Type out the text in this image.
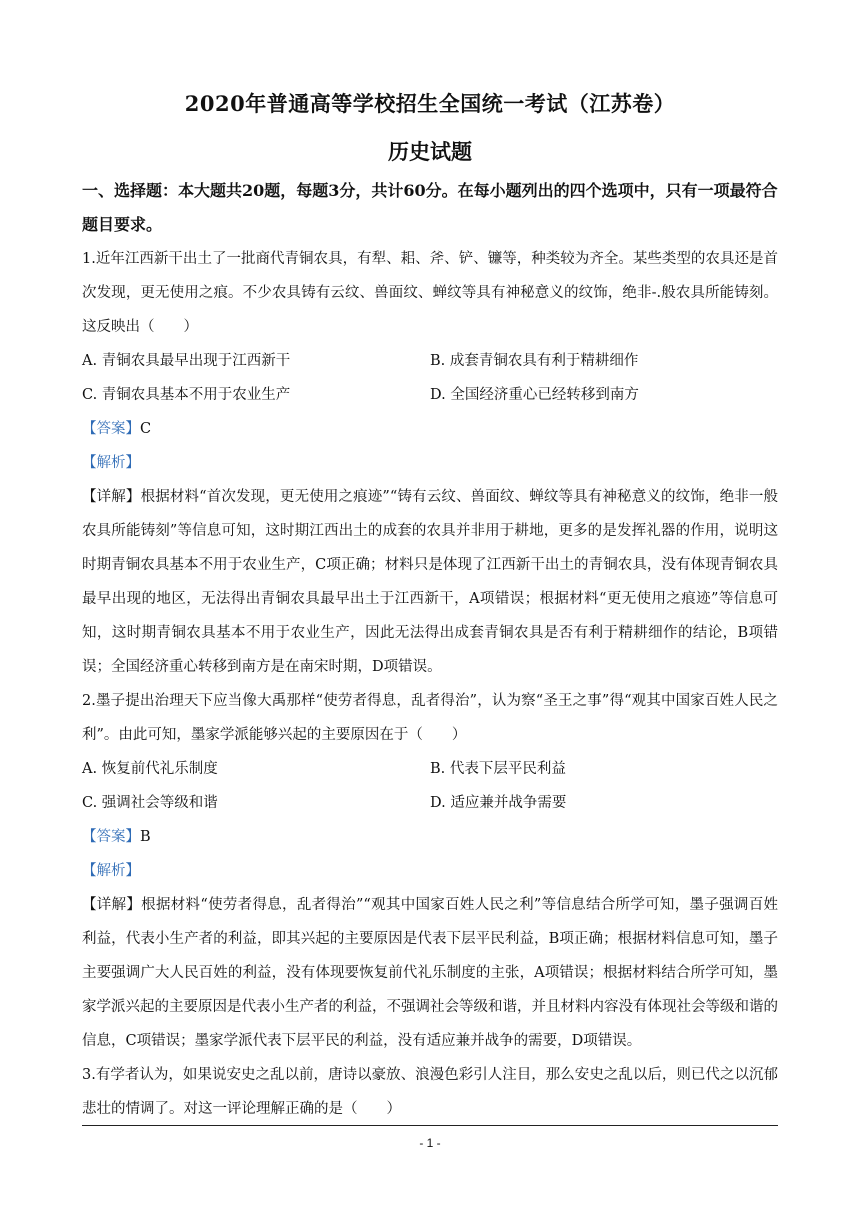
2020年普通高等学校招生全国统一考试（江苏卷）
历史试题
一、选择题：本大题共20题，每题3分，共计60分。在每小题列出的四个选项中，只有一项最符合题目要求。
1.近年江西新干出土了一批商代青铜农具，有犁、耜、斧、铲、镰等，种类较为齐全。某些类型的农具还是首次发现，更无使用之痕。不少农具铸有云纹、兽面纹、蝉纹等具有神秘意义的纹饰，绝非-.般农具所能铸刻。这反映出（　　）
A. 青铜农具最早出现于江西新干	B. 成套青铜农具有利于精耕细作
C. 青铜农具基本不用于农业生产	D. 全国经济重心已经转移到南方
【答案】C
【解析】
【详解】根据材料“首次发现，更无使用之痕迹”“铸有云纹、兽面纹、蝉纹等具有神秘意义的纹饰，绝非一般农具所能铸刻”等信息可知，这时期江西出土的成套的农具并非用于耕地，更多的是发挥礼器的作用，说明这时期青铜农具基本不用于农业生产，C项正确；材料只是体现了江西新干出土的青铜农具，没有体现青铜农具最早出现的地区，无法得出青铜农具最早出土于江西新干，A项错误；根据材料“更无使用之痕迹”等信息可知，这时期青铜农具基本不用于农业生产，因此无法得出成套青铜农具是否有利于精耕细作的结论，B项错误；全国经济重心转移到南方是在南宋时期，D项错误。
2.墨子提出治理天下应当像大禹那样“使劳者得息，乱者得治”，认为察“圣王之事”得“观其中国家百姓人民之利”。由此可知，墨家学派能够兴起的主要原因在于（　　）
A. 恢复前代礼乐制度	B. 代表下层平民利益
C. 强调社会等级和谐	D. 适应兼并战争需要
【答案】B
【解析】
【详解】根据材料“使劳者得息，乱者得治”“观其中国家百姓人民之利”等信息结合所学可知，墨子强调百姓利益，代表小生产者的利益，即其兴起的主要原因是代表下层平民利益，B项正确；根据材料信息可知，墨子主要强调广大人民百姓的利益，没有体现要恢复前代礼乐制度的主张，A项错误；根据材料结合所学可知，墨家学派兴起的主要原因是代表小生产者的利益，不强调社会等级和谐，并且材料内容没有体现社会等级和谐的信息，C项错误；墨家学派代表下层平民的利益，没有适应兼并战争的需要，D项错误。
3.有学者认为，如果说安史之乱以前，唐诗以豪放、浪漫色彩引人注目，那么安史之乱以后，则已代之以沉郁悲壮的情调了。对这一评论理解正确的是（　　）
- 1 -
